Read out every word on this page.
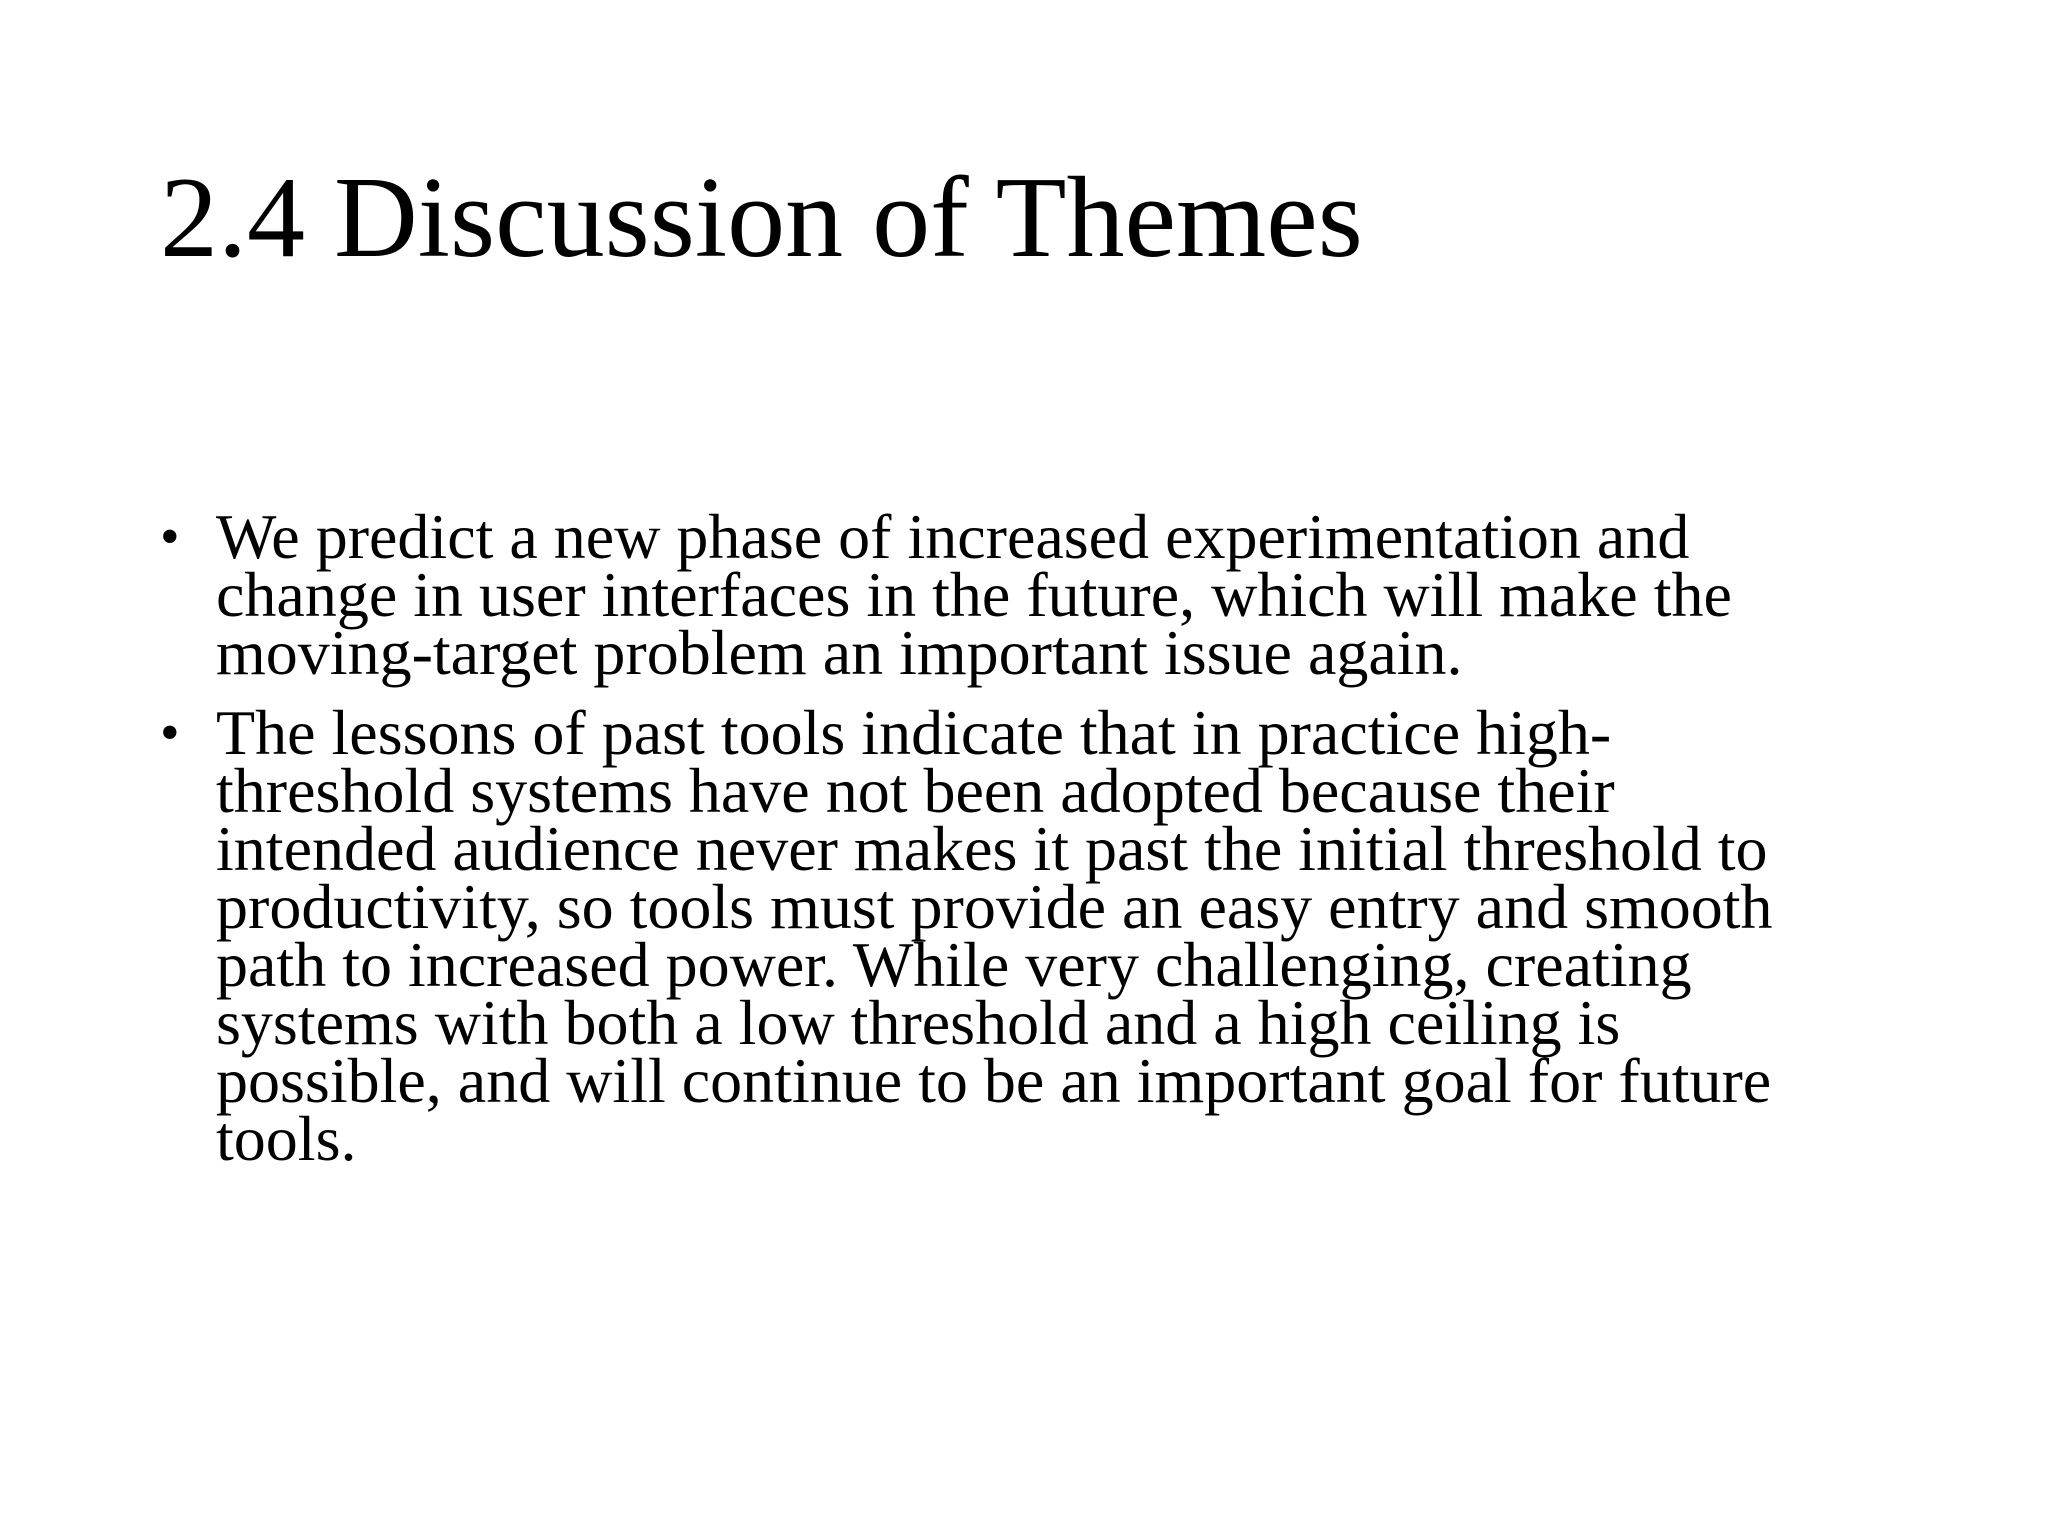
2.4 Discussion of Themes
• We predict a new phase of increased experimentation and
change in user interfaces in the future, which will make the
moving-target problem an important issue again.
• The lessons of past tools indicate that in practice high-
threshold systems have not been adopted because their
intended audience never makes it past the initial threshold to
productivity, so tools must provide an easy entry and smooth
path to increased power. While very challenging, creating
systems with both a low threshold and a high ceiling is
possible, and will continue to be an important goal for future
tools.
